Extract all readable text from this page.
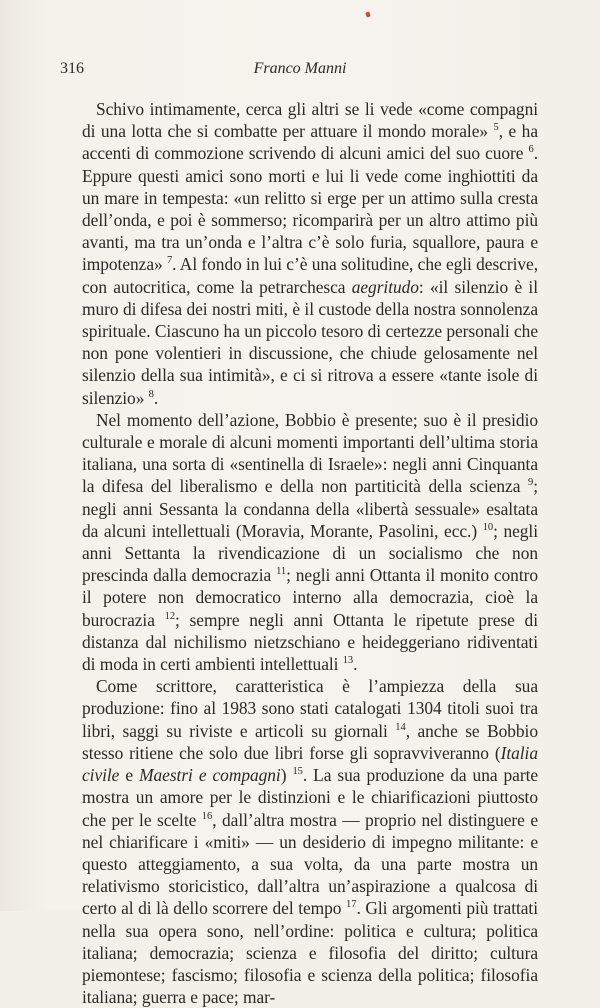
316	Franco Manni

Schivo intimamente, cerca gli altri se li vede «come compagni di una lotta che si combatte per attuare il mondo morale» $^5$, e ha accenti di commozione scrivendo di alcuni amici del suo cuore $^6$. Eppure questi amici sono morti e lui li vede come inghiottiti da un mare in tempesta: «un relitto si erge per un attimo sulla cresta dell’onda, e poi è sommerso; ricomparirà per un altro attimo più avanti, ma tra un’onda e l’altra c’è solo furia, squallore, paura e impotenza» $^7$. Al fondo in lui c’è una solitudine, che egli descrive, con autocritica, come la petrarchesca aegritudo: «il silenzio è il muro di difesa dei nostri miti, è il custode della nostra sonnolenza spirituale. Ciascuno ha un piccolo tesoro di certezze personali che non pone volentieri in discussione, che chiude gelosamente nel silenzio della sua intimità», e ci si ritrova a essere «tante isole di silenzio» $^8$.

Nel momento dell’azione, Bobbio è presente; suo è il presidio culturale e morale di alcuni momenti importanti dell’ultima storia italiana, una sorta di «sentinella di Israele»: negli anni Cinquanta la difesa del liberalismo e della non partiticità della scienza $^9$; negli anni Sessanta la condanna della «libertà sessuale» esaltata da alcuni intellettuali (Moravia, Morante, Pasolini, ecc.) $^{10}$; negli anni Settanta la rivendicazione di un socialismo che non prescinda dalla democrazia $^{11}$; negli anni Ottanta il monito contro il potere non democratico interno alla democrazia, cioè la burocrazia $^{12}$; sempre negli anni Ottanta le ripetute prese di distanza dal nichilismo nietzschiano e heideggeriano ridiventati di moda in certi ambienti intellettuali $^{13}$.

Come scrittore, caratteristica è l’ampiezza della sua produzione: fino al 1983 sono stati catalogati 1304 titoli suoi tra libri, saggi su riviste e articoli su giornali $^{14}$, anche se Bobbio stesso ritiene che solo due libri forse gli sopravviveranno (Italia civile e Maestri e compagni) $^{15}$. La sua produzione da una parte mostra un amore per le distinzioni e le chiarificazioni piuttosto che per le scelte $^{16}$, dall’altra mostra — proprio nel distinguere e nel chiarificare i «miti» — un desiderio di impegno militante: e questo atteggiamento, a sua volta, da una parte mostra un relativismo storicistico, dall’altra un’aspirazione a qualcosa di certo al di là dello scorrere del tempo $^{17}$. Gli argomenti più trattati nella sua opera sono, nell’ordine: politica e cultura; politica italiana; democrazia; scienza e filosofia del diritto; cultura piemontese; fascismo; filosofia e scienza della politica; filosofia italiana; guerra e pace; mar-
